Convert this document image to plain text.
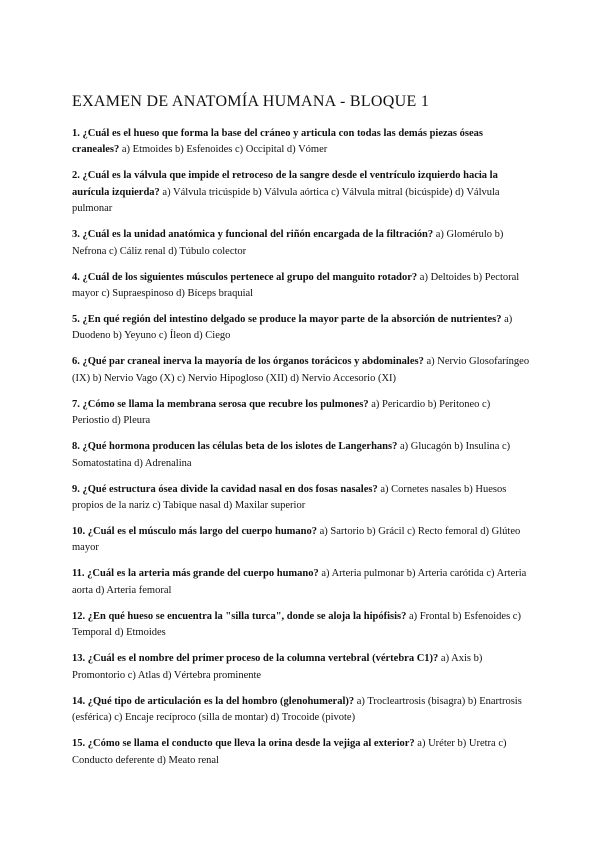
EXAMEN DE ANATOMÍA HUMANA - BLOQUE 1
1. ¿Cuál es el hueso que forma la base del cráneo y articula con todas las demás piezas óseas craneales? a) Etmoides b) Esfenoides c) Occipital d) Vómer
2. ¿Cuál es la válvula que impide el retroceso de la sangre desde el ventrículo izquierdo hacia la aurícula izquierda? a) Válvula tricúspide b) Válvula aórtica c) Válvula mitral (bicúspide) d) Válvula pulmonar
3. ¿Cuál es la unidad anatómica y funcional del riñón encargada de la filtración? a) Glomérulo b) Nefrona c) Cáliz renal d) Túbulo colector
4. ¿Cuál de los siguientes músculos pertenece al grupo del manguito rotador? a) Deltoides b) Pectoral mayor c) Supraespinoso d) Bíceps braquial
5. ¿En qué región del intestino delgado se produce la mayor parte de la absorción de nutrientes? a) Duodeno b) Yeyuno c) Íleon d) Ciego
6. ¿Qué par craneal inerva la mayoría de los órganos torácicos y abdominales? a) Nervio Glosofaríngeo (IX) b) Nervio Vago (X) c) Nervio Hipogloso (XII) d) Nervio Accesorio (XI)
7. ¿Cómo se llama la membrana serosa que recubre los pulmones? a) Pericardio b) Peritoneo c) Periostio d) Pleura
8. ¿Qué hormona producen las células beta de los islotes de Langerhans? a) Glucagón b) Insulina c) Somatostatina d) Adrenalina
9. ¿Qué estructura ósea divide la cavidad nasal en dos fosas nasales? a) Cornetes nasales b) Huesos propios de la nariz c) Tabique nasal d) Maxilar superior
10. ¿Cuál es el músculo más largo del cuerpo humano? a) Sartorio b) Grácil c) Recto femoral d) Glúteo mayor
11. ¿Cuál es la arteria más grande del cuerpo humano? a) Arteria pulmonar b) Arteria carótida c) Arteria aorta d) Arteria femoral
12. ¿En qué hueso se encuentra la "silla turca", donde se aloja la hipófisis? a) Frontal b) Esfenoides c) Temporal d) Etmoides
13. ¿Cuál es el nombre del primer proceso de la columna vertebral (vértebra C1)? a) Axis b) Promontorio c) Atlas d) Vértebra prominente
14. ¿Qué tipo de articulación es la del hombro (glenohumeral)? a) Trocleartrosis (bisagra) b) Enartrosis (esférica) c) Encaje recíproco (silla de montar) d) Trocoide (pivote)
15. ¿Cómo se llama el conducto que lleva la orina desde la vejiga al exterior? a) Uréter b) Uretra c) Conducto deferente d) Meato renal
